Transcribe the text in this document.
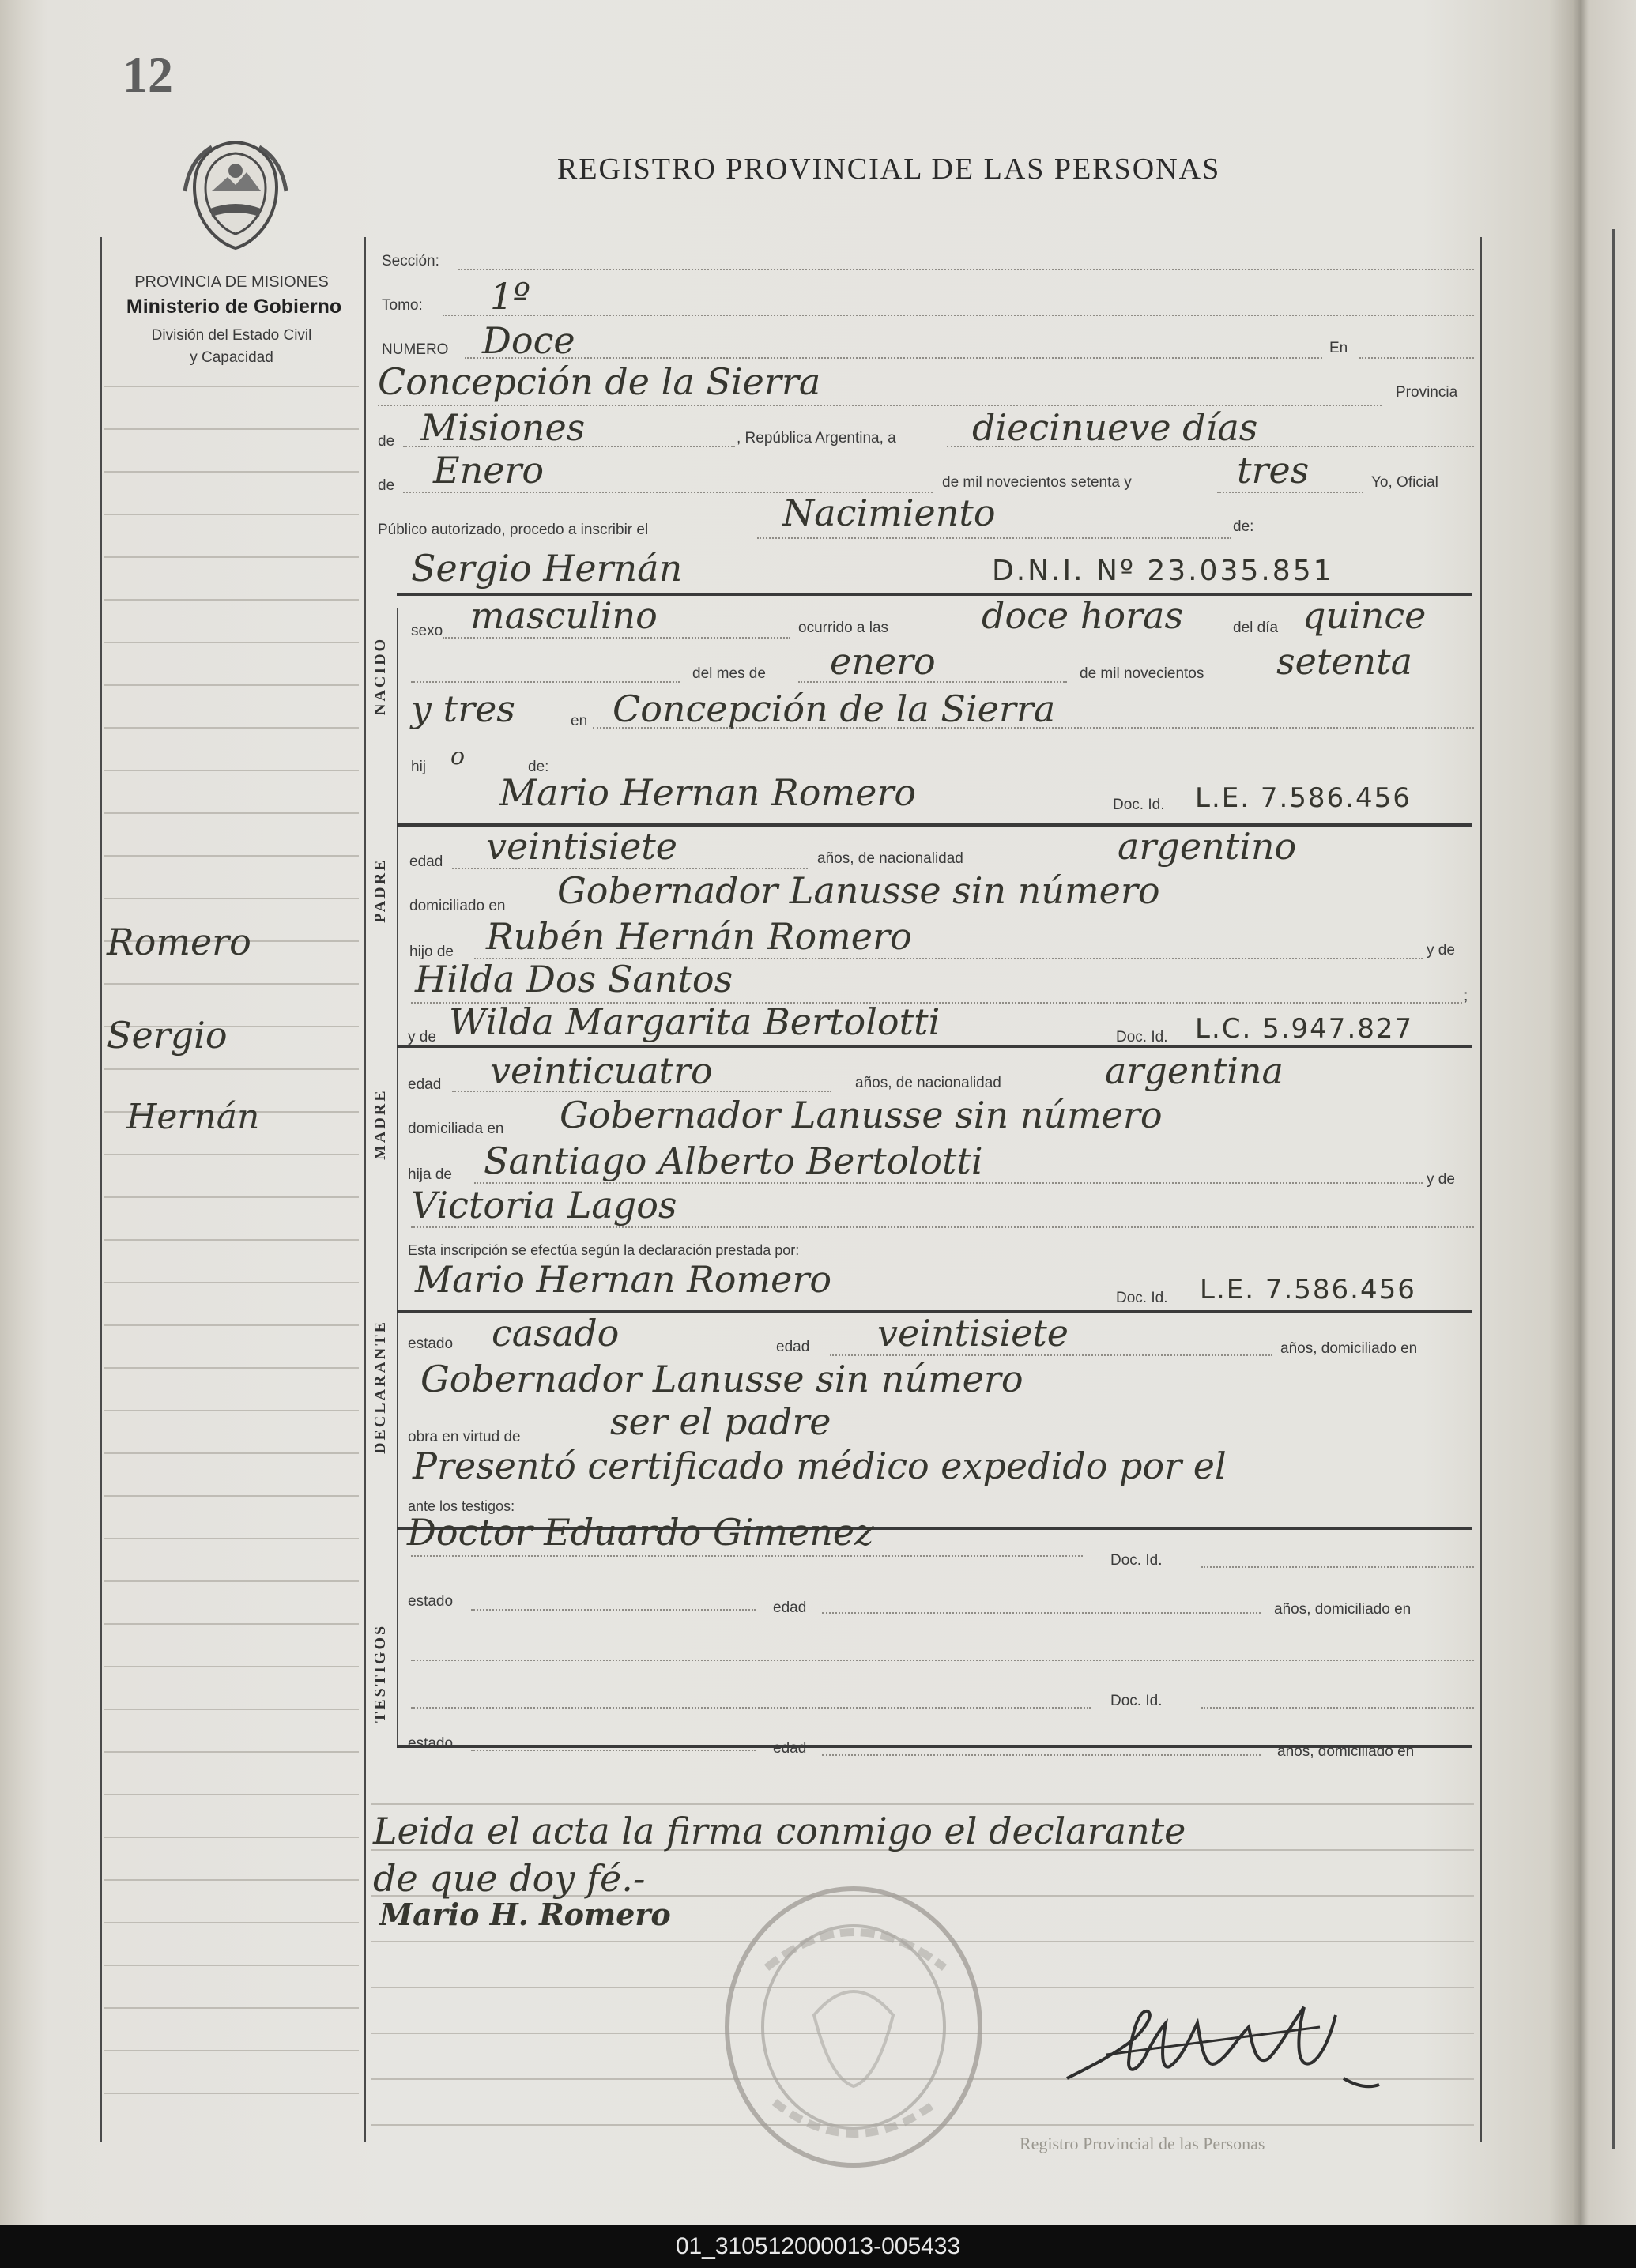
12
REGISTRO PROVINCIAL DE LAS PERSONAS
PROVINCIA DE MISIONES
Ministerio de Gobierno
División del Estado Civil
y Capacidad
Romero
Sergio
Hernán
NACIDO
PADRE
MADRE
DECLARANTE
TESTIGOS
Sección:
Tomo: 1º
NUMERO Doce	En
Concepción de la Sierra	Provincia
de Misiones	, República Argentina, a diecinueve días
de Enero	de mil novecientos setenta y	tres	Yo, Oficial
Público autorizado, procedo a inscribir el	Nacimiento	de:
Sergio Hernán	D.N.I. Nº 23.035.851
sexo masculino	ocurrido a las	doce horas	del día quince
del mes de enero	de mil novecientos setenta
y tres	en Concepción de la Sierra
hij o	de:
Mario Hernan Romero	Doc. Id. L.E. 7.586.456
edad veintisiete	años, de nacionalidad	argentino
domiciliado en Gobernador Lanusse sin número
hijo de Rubén Hernán Romero	y de
Hilda Dos Santos	;
y de Wilda Margarita Bertolotti	Doc. Id. L.C. 5.947.827
edad veinticuatro	años, de nacionalidad	argentina
domiciliada en Gobernador Lanusse sin número
hija de Santiago Alberto Bertolotti	y de
Victoria Lagos
Esta inscripción se efectúa según la declaración prestada por:
Mario Hernan Romero	Doc. Id. L.E. 7.586.456
estado casado	edad veintisiete	años, domiciliado en
Gobernador Lanusse sin número
obra en virtud de ser el padre
Presentó certificado médico expedido por el
ante los testigos:
Doctor Eduardo Gimenez
Doc. Id.
estado	edad	años, domiciliado en
Doc. Id.
estado	edad	años, domiciliado en
Leida el acta la firma conmigo el declarante
de que doy fé.-
Mario H. Romero
Registro Provincial de las Personas
01_310512000013-005433
